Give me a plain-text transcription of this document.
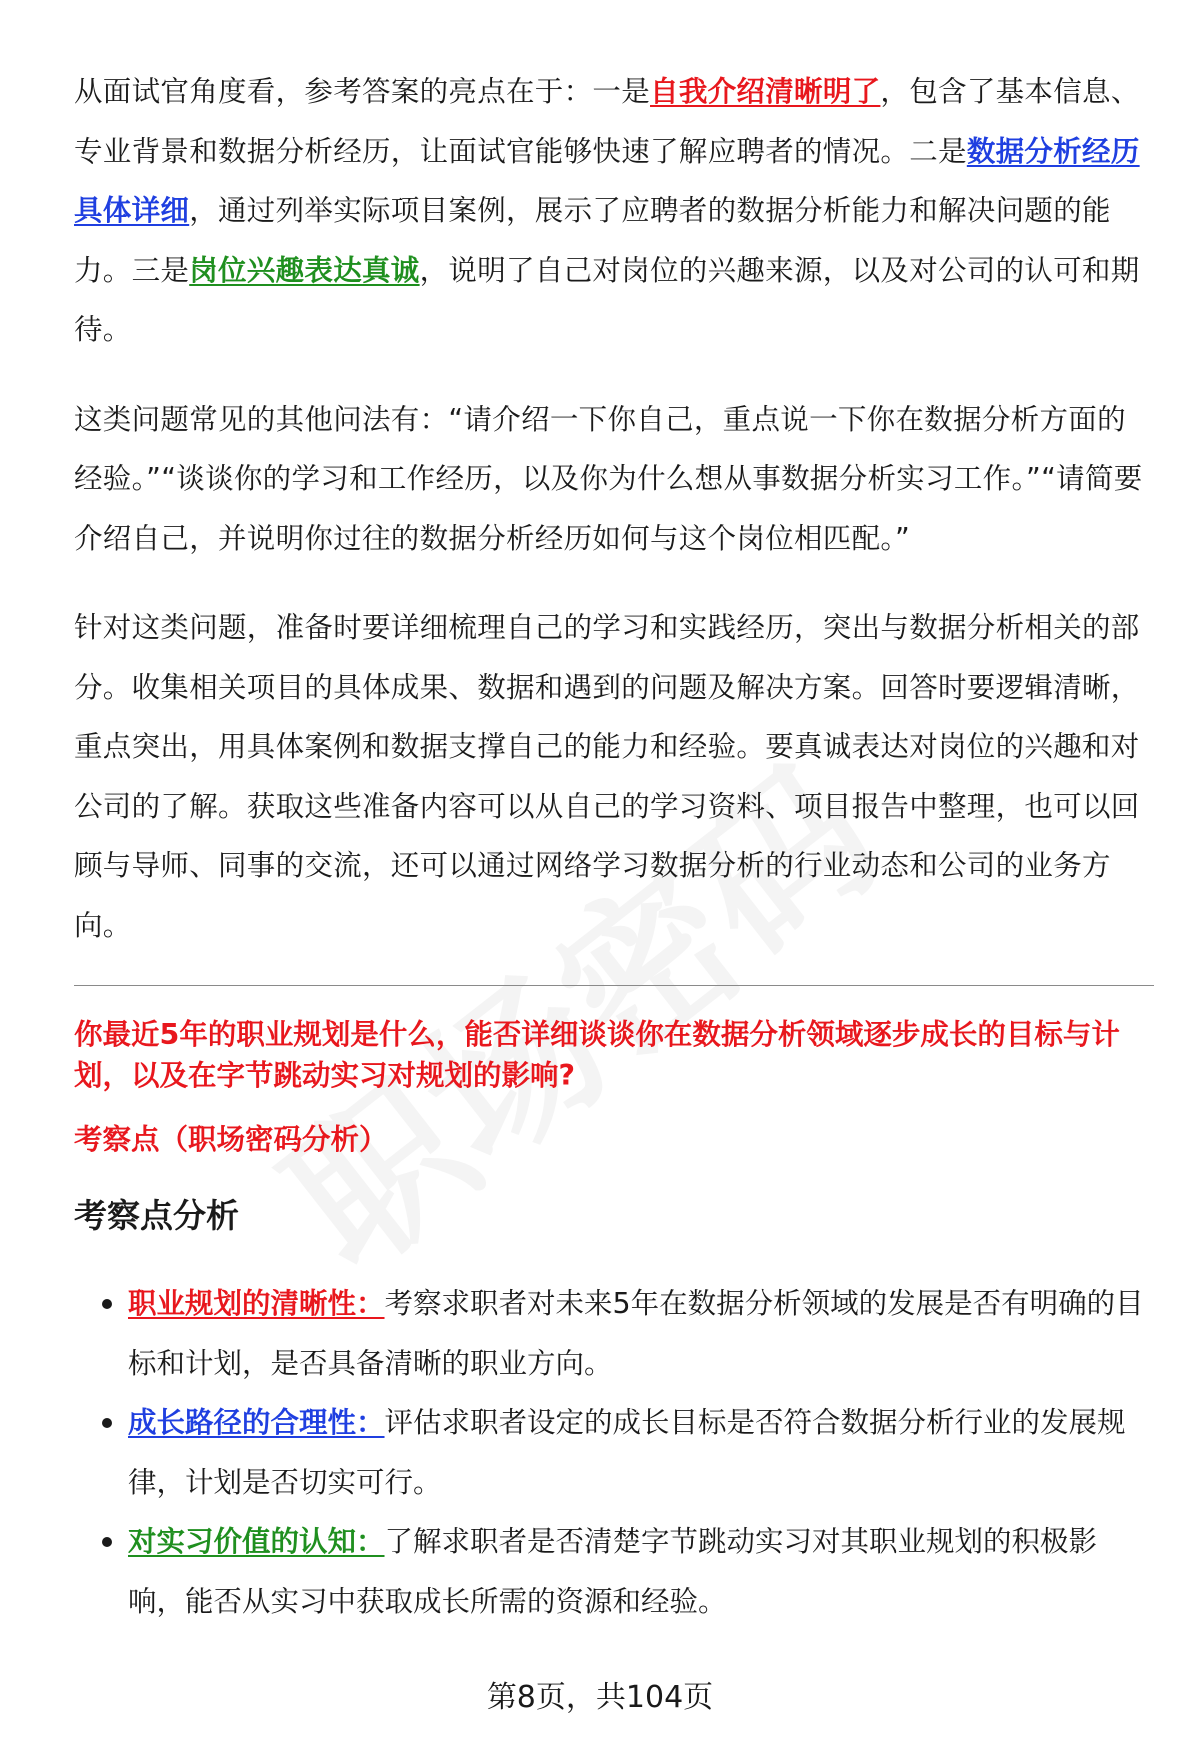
从面试官角度看，参考答案的亮点在于：一是自我介绍清晰明了，包含了基本信息、专业背景和数据分析经历，让面试官能够快速了解应聘者的情况。二是数据分析经历具体详细，通过列举实际项目案例，展示了应聘者的数据分析能力和解决问题的能力。三是岗位兴趣表达真诚，说明了自己对岗位的兴趣来源，以及对公司的认可和期待。

这类问题常见的其他问法有：“请介绍一下你自己，重点说一下你在数据分析方面的经验。”“谈谈你的学习和工作经历，以及你为什么想从事数据分析实习工作。”“请简要介绍自己，并说明你过往的数据分析经历如何与这个岗位相匹配。”

针对这类问题，准备时要详细梳理自己的学习和实践经历，突出与数据分析相关的部分。收集相关项目的具体成果、数据和遇到的问题及解决方案。回答时要逻辑清晰，重点突出，用具体案例和数据支撑自己的能力和经验。要真诚表达对岗位的兴趣和对公司的了解。获取这些准备内容可以从自己的学习资料、项目报告中整理，也可以回顾与导师、同事的交流，还可以通过网络学习数据分析的行业动态和公司的业务方向。

你最近5年的职业规划是什么，能否详细谈谈你在数据分析领域逐步成长的目标与计划，以及在字节跳动实习对规划的影响?

考察点（职场密码分析）

考察点分析
职业规划的清晰性：考察求职者对未来5年在数据分析领域的发展是否有明确的目标和计划，是否具备清晰的职业方向。
成长路径的合理性：评估求职者设定的成长目标是否符合数据分析行业的发展规律，计划是否切实可行。
对实习价值的认知：了解求职者是否清楚字节跳动实习对其职业规划的积极影响，能否从实习中获取成长所需的资源和经验。
第8页，共104页
